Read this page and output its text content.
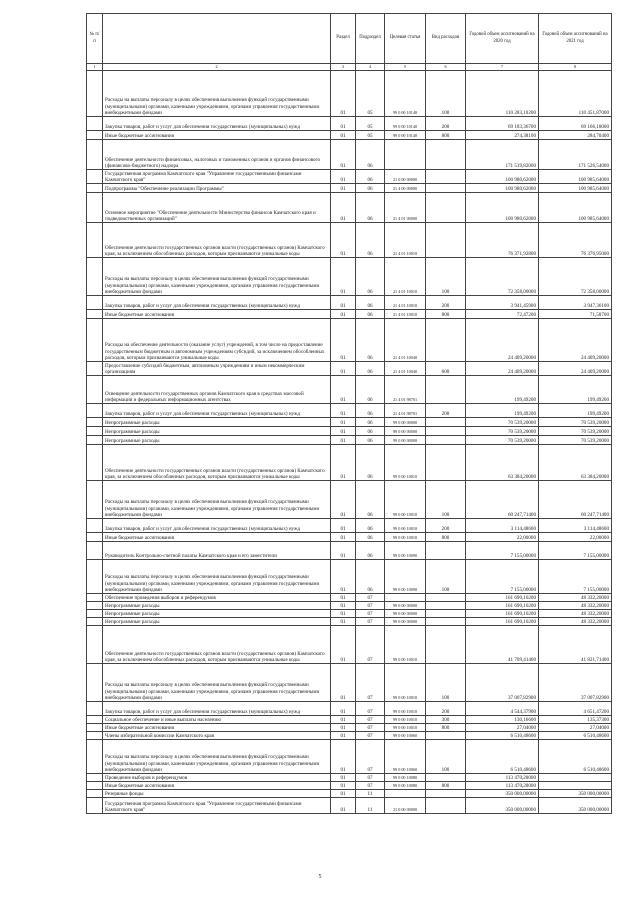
№ п/п		Раздел	Подраздел	Целевая статья	Вид расходов	Годовой объем ассигнований на 2020 год	Годовой объем ассигнований на 2021 год
1	2	3	4	5	6	7	8
	Расходы на выплаты персоналу в целях обеспечения выполнения функций государственными (муниципальными) органами, казенными учреждениями, органами управления государственными внебюджетными фондами	01	05	99 0 00 10140	100	110 283,10200	110 451,87000
	Закупка товаров, работ и услуг для обеспечения государственных (муниципальных) нужд	01	05	99 0 00 10140	200	69 183,36700	69 166,18000
	Иные бюджетные ассигнования	01	05	99 0 00 10140	800	274,38100	284,70400
	Обеспечение деятельности финансовых, налоговых и таможенных органов и органов финансового (финансово-бюджетного) надзора	01	06			171 519,82000	171 526,54000
	Государственная программа Камчатского края "Управление государственными финансами Камчатского края"	01	06	21 0 00 00000		100 980,62000	100 985,64000
	Подпрограмма "Обеспечение реализации Программы"	01	06	21 4 00 00000		100 980,62000	100 985,64000
	Основное мероприятие "Обеспечение деятельности Министерства финансов Камчатского края и подведомственных организаций"	01	06	21 4 01 00000		100 980,62000	100 985,64000
	Обеспечение деятельности государственных органов власти (государственных органов) Камчатского края, за исключением обособленных расходов, которым присваиваются уникальные коды	01	06	21 4 01 10010		76 371,92800	76 376,95000
	Расходы на выплаты персоналу в целях обеспечения выполнения функций государственными (муниципальными) органами, казенными учреждениями, органами управления государственными внебюджетными фондами	01	06	21 4 01 10010	100	72 358,00000	72 358,00000
	Закупка товаров, работ и услуг для обеспечения государственных (муниципальных) нужд	01	06	21 4 01 10010	200	3 941,45900	3 947,36100
	Иные бюджетные ассигнования	01	06	21 4 01 10010	800	72,47200	71,58700
	Расходы на обеспечение деятельности (оказание услуг) учреждений, в том числе на предоставление государственным бюджетным и автономным учреждениям субсидий, за исключением обособленных расходов, которым присваиваются уникальные коды	01	06	21 4 01 10040		24 409,20000	24 409,20000
	Предоставление субсидий бюджетным, автономным учреждениям и иным некоммерческим организациям	01	06	21 4 01 10040	600	24 409,20000	24 409,20000
	Освещение деятельности государственных органов Камчатского края в средствах массовой информации и федеральных информационных агентствах	01	06	21 4 01 98701		199,49200	199,49200
	Закупка товаров, работ и услуг для обеспечения государственных (муниципальных) нужд	01	06	21 4 01 98701	200	199,49200	199,49200
	Непрограммные расходы	01	06	99 0 00 00000		70 539,20000	70 539,20000
	Непрограммные расходы	01	06	99 0 00 00000		70 539,20000	70 539,20000
	Непрограммные расходы	01	06	99 0 00 00000		70 539,20000	70 539,20000
	Обеспечение деятельности государственных органов власти (государственных органов) Камчатского края, за исключением обособленных расходов, которым присваиваются уникальные коды	01	06	99 0 00 10010		63 384,20000	63 384,20000
	Расходы на выплаты персоналу в целях обеспечения выполнения функций государственными (муниципальными) органами, казенными учреждениями, органами управления государственными внебюджетными фондами	01	06	99 0 00 10010	100	60 247,71400	60 247,71400
	Закупка товаров, работ и услуг для обеспечения государственных (муниципальных) нужд	01	06	99 0 00 10010	200	3 114,48600	3 114,48600
	Иные бюджетные ассигнования	01	06	99 0 00 10010	800	22,00000	22,00000
	Руководитель Контрольно-счетной палаты Камчатского края и его заместители	01	06	99 0 00 10090		7 155,00000	7 155,00000
	Расходы на выплаты персоналу в целях обеспечения выполнения функций государственными (муниципальными) органами, казенными учреждениями, органами управления государственными внебюджетными фондами	01	06	99 0 00 10090	100	7 155,00000	7 155,00000
	Обеспечение проведения выборов и референдумов	01	07			161 690,10200	48 332,20000
	Непрограммные расходы	01	07	99 0 00 00000		161 690,10200	48 332,20000
	Непрограммные расходы	01	07	99 0 00 00000		161 690,10200	48 332,20000
	Непрограммные расходы	01	07	99 0 00 00000		161 690,10200	48 332,20000
	Обеспечение деятельности государственных органов власти (государственных органов) Камчатского края, за исключением обособленных расходов, которым присваиваются уникальные коды	01	07	99 0 00 10010		41 709,41400	41 821,71400
	Расходы на выплаты персоналу в целях обеспечения выполнения функций государственными (муниципальными) органами, казенными учреждениями, органами управления государственными внебюджетными фондами	01	07	99 0 00 10010	100	37 007,82900	37 007,82900
	Закупка товаров, работ и услуг для обеспечения государственных (муниципальных) нужд	01	07	99 0 00 10010	200	4 544,37900	4 651,47200
	Социальное обеспечение и иные выплаты населению	01	07	99 0 00 10010	300	130,16600	135,37300
	Иные бюджетные ассигнования	01	07	99 0 00 10010	800	27,04000	27,04000
	Члены избирательной комиссии Камчатского края	01	07	99 0 00 10060		6 510,48600	6 510,48600
	Расходы на выплаты персоналу в целях обеспечения выполнения функций государственными (муниципальными) органами, казенными учреждениями, органами управления государственными внебюджетными фондами	01	07	99 0 00 10060	100	6 510,48600	6 510,48600
	Проведение выборов и референдумов	01	07	99 0 00 10080		113 470,20000	
	Иные бюджетные ассигнования	01	07	99 0 00 10080	800	113 470,20000	
	Резервные фонды	01	11			350 000,00000	350 000,00000
	Государственная программа Камчатского края "Управление государственными финансами Камчатского края"	01	11	21 0 00 00000		350 000,00000	350 000,00000
5
